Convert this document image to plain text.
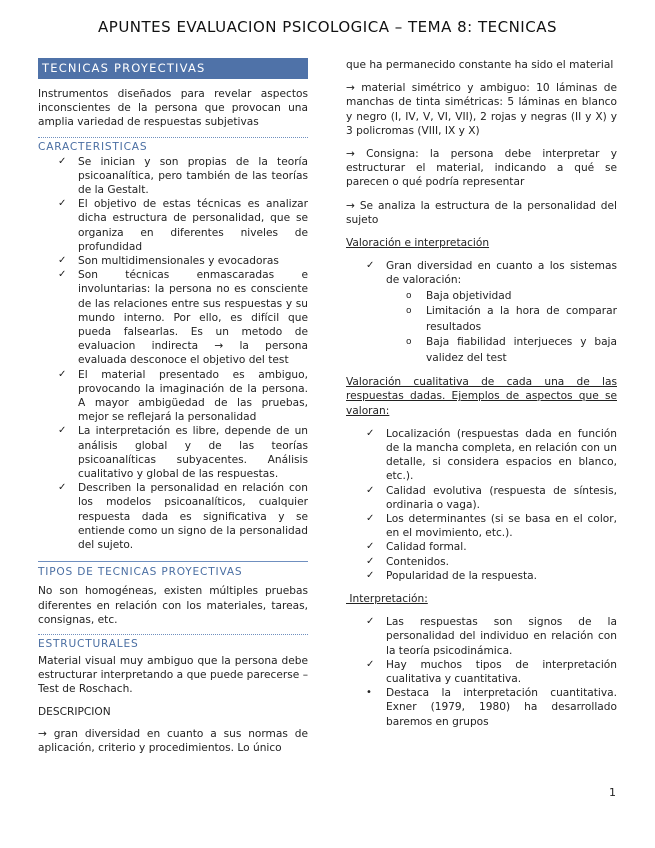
APUNTES EVALUACION PSICOLOGICA – TEMA 8: TECNICAS
TECNICAS PROYECTIVAS

Instrumentos diseñados para revelar aspectos inconscientes de la persona que provocan una amplia variedad de respuestas subjetivas

CARACTERISTICAS
✓ Se inician y son propias de la teoría psicoanalítica, pero también de las teorías de la Gestalt.
✓ El objetivo de estas técnicas es analizar dicha estructura de personalidad, que se organiza en diferentes niveles de profundidad
✓ Son multidimensionales y evocadoras
✓ Son técnicas enmascaradas e involuntarias: la persona no es consciente de las relaciones entre sus respuestas y su mundo interno. Por ello, es difícil que pueda falsearlas. Es un metodo de evaluacion indirecta → la persona evaluada desconoce el objetivo del test
✓ El material presentado es ambiguo, provocando la imaginación de la persona. A mayor ambigüedad de las pruebas, mejor se reflejará la personalidad
✓ La interpretación es libre, depende de un análisis global y de las teorías psicoanalíticas subyacentes. Análisis cualitativo y global de las respuestas.
✓ Describen la personalidad en relación con los modelos psicoanalíticos, cualquier respuesta dada es significativa y se entiende como un signo de la personalidad del sujeto.
TIPOS DE TECNICAS PROYECTIVAS

No son homogéneas, existen múltiples pruebas diferentes en relación con los materiales, tareas, consignas, etc.

ESTRUCTURALES

Material visual muy ambiguo que la persona debe estructurar interpretando a que puede parecerse – Test de Roschach.

DESCRIPCION

→ gran diversidad en cuanto a sus normas de aplicación, criterio y procedimientos. Lo único

que ha permanecido constante ha sido el material

→ material simétrico y ambiguo: 10 láminas de manchas de tinta simétricas: 5 láminas en blanco y negro (I, IV, V, VI, VII), 2 rojas y negras (II y X) y 3 policromas (VIII, IX y X)

→ Consigna: la persona debe interpretar y estructurar el material, indicando a qué se parecen o qué podría representar

→ Se analiza la estructura de la personalidad del sujeto

Valoración e interpretación

✓ Gran diversidad en cuanto a los sistemas de valoración:
o Baja objetividad
o Limitación a la hora de comparar resultados
o Baja fiabilidad interjueces y baja validez del test

Valoración cualitativa de cada una de las respuestas dadas. Ejemplos de aspectos que se valoran:

✓ Localización (respuestas dada en función de la mancha completa, en relación con un detalle, si considera espacios en blanco, etc.).
✓ Calidad evolutiva (respuesta de síntesis, ordinaria o vaga).
✓ Los determinantes (si se basa en el color, en el movimiento, etc.).
✓ Calidad formal.
✓ Contenidos.
✓ Popularidad de la respuesta.

Interpretación:

✓ Las respuestas son signos de la personalidad del individuo en relación con la teoría psicodinámica.
✓ Hay muchos tipos de interpretación cualitativa y cuantitativa.
• Destaca la interpretación cuantitativa. Exner (1979, 1980) ha desarrollado baremos en grupos
1
